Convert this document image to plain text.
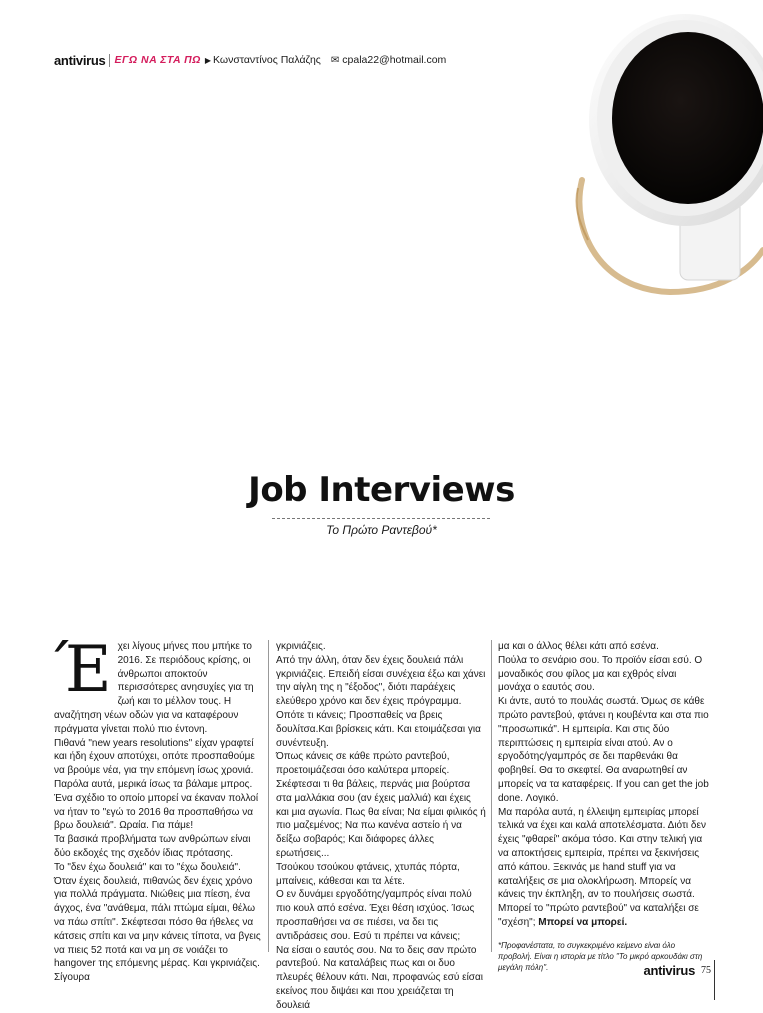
antivirus ΕΓΩ ΝΑ ΣΤΑ ΠΩ ▶ Κωνσταντίνος Παλάζης ✉ cpala22@hotmail.com
Job Interviews
Το Πρώτο Ραντεβού*
Έ χει λίγους μήνες που μπήκε το 2016. Σε περιόδους κρίσης, οι άνθρωποι αποκτούν περισσότερες ανησυχίες για τη ζωή και το μέλλον τους. Η αναζήτηση νέων οδών για να καταφέρουν πράγματα γίνεται πολύ πιο έντονη.

Πιθανά "new years resolutions" είχαν γραφτεί και ήδη έχουν αποτύχει, οπότε προσπαθούμε να βρούμε νέα, για την επόμενη ίσως χρονιά. Παρόλα αυτά, μερικά ίσως τα βάλαμε μπρος. Ένα σχέδιο το οποίο μπορεί να έκαναν πολλοί να ήταν το "εγώ το 2016 θα προσπαθήσω να βρω δουλειά". Ωραία. Για πάμε!

Τα βασικά προβλήματα των ανθρώπων είναι δύο εκδοχές της σχεδόν ίδιας πρότασης.

Το "δεν έχω δουλειά" και το "έχω δουλειά".

Όταν έχεις δουλειά, πιθανώς δεν έχεις χρόνο για πολλά πράγματα. Νιώθεις μια πίεση, ένα άγχος, ένα "ανάθεμα, πάλι πτώμα είμαι, θέλω να πάω σπίτι". Σκέφτεσαι πόσο θα ήθελες να κάτσεις σπίτι και να μην κάνεις τίποτα, να βγεις να πιεις 52 ποτά και να μη σε νοιάζει το hangover της επόμενης μέρας. Και γκρινιάζεις. Σίγουρα

γκρινιάζεις.

Από την άλλη, όταν δεν έχεις δουλειά πάλι γκρινιάζεις. Επειδή είσαι συνέχεια έξω και χάνει την αίγλη της η "έξοδος", διότι παράέχεις ελεύθερο χρόνο και δεν έχεις πρόγραμμα. Οπότε τι κάνεις; Προσπαθείς να βρεις δουλίτσα.Και βρίσκεις κάτι. Και ετοιμάζεσαι για συνέντευξη.

Όπως κάνεις σε κάθε πρώτο ραντεβού, προετοιμάζεσαι όσο καλύτερα μπορείς. Σκέφτεσαι τι θα βάλεις, περνάς μια βούρτσα στα μαλλάκια σου (αν έχεις μαλλιά) και έχεις και μια αγωνία. Πως θα είναι; Να είμαι φιλικός ή πιο μαζεμένος; Να πω κανένα αστείο ή να δείξω σοβαρός; Και διάφορες άλλες ερωτήσεις...

Τσούκου τσούκου φτάνεις, χτυπάς πόρτα, μπαίνεις, κάθεσαι και τα λέτε.

Ο εν δυνάμει εργοδότης/γαμπρός είναι πολύ πιο κουλ από εσένα. Έχει θέση ισχύος. Ίσως προσπαθήσει να σε πιέσει, να δει τις αντιδράσεις σου. Εσύ τι πρέπει να κάνεις;

Να είσαι ο εαυτός σου. Να το δεις σαν πρώτο ραντεβού. Να καταλάβεις πως και οι δυο πλευρές θέλουν κάτι. Ναι, προφανώς εσύ είσαι εκείνος που διψάει και που χρειάζεται τη δουλειά

μα και ο άλλος θέλει κάτι από εσένα.

Πούλα το σενάριο σου. Το προϊόν είσαι εσύ. Ο μοναδικός σου φίλος μα και εχθρός είναι μονάχα ο εαυτός σου.

Κι άντε, αυτό το πουλάς σωστά. Όμως σε κάθε πρώτο ραντεβού, φτάνει η κουβέντα και στα πιο "προσωπικά". Η εμπειρία. Και στις δύο περιπτώσεις η εμπειρία είναι ατού. Αν ο εργοδότης/γαμπρός σε δει παρθενάκι θα φοβηθεί. Θα το σκεφτεί. Θα αναρωτηθεί αν μπορείς να τα καταφέρεις. If you can get the job done. Λογικό.

Μα παρόλα αυτά, η έλλειψη εμπειρίας μπορεί τελικά να έχει και καλά αποτελέσματα. Διότι δεν έχεις "φθαρεί" ακόμα τόσο. Και στην τελική για να αποκτήσεις εμπειρία, πρέπει να ξεκινήσεις από κάπου. Ξεκινάς με hand stuff για να καταλήξεις σε μια ολοκλήρωση. Μπορείς να κάνεις την έκπληξη, αν το πουλήσεις σωστά.

Μπορεί το "πρώτο ραντεβού" να καταλήξει σε "σχέση"; Μπορεί να μπορεί.

*Προφανέστατα, το συγκεκριμένο κείμενο είναι όλο προβολή. Είναι η ιστορία με τίτλο "Το μικρό αρκουδάκι στη μεγάλη πόλη".	antivirus 75
